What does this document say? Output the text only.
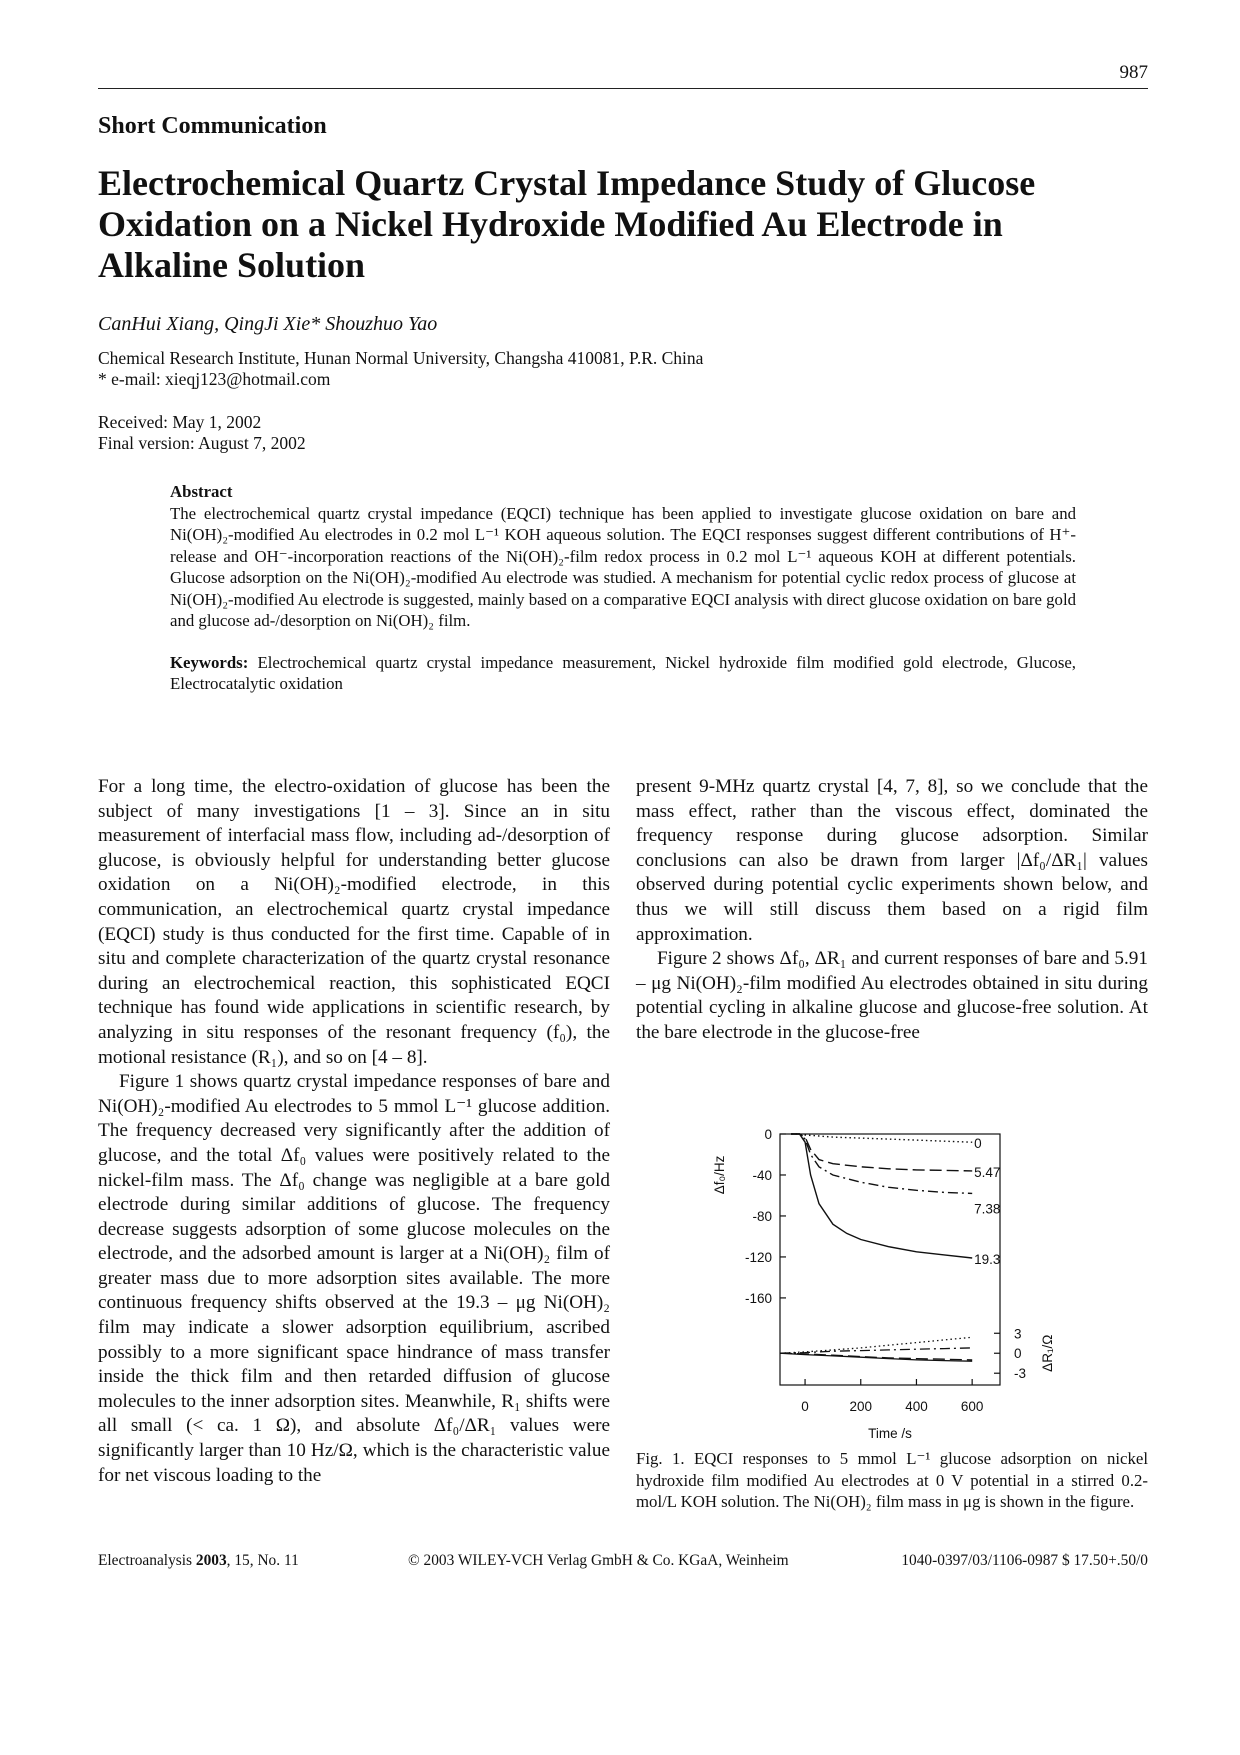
987
Short Communication
Electrochemical Quartz Crystal Impedance Study of Glucose Oxidation on a Nickel Hydroxide Modified Au Electrode in Alkaline Solution
CanHui Xiang, QingJi Xie* Shouzhuo Yao
Chemical Research Institute, Hunan Normal University, Changsha 410081, P.R. China
* e-mail: xieqj123@hotmail.com
Received: May 1, 2002
Final version: August 7, 2002
Abstract
The electrochemical quartz crystal impedance (EQCI) technique has been applied to investigate glucose oxidation on bare and Ni(OH)₂-modified Au electrodes in 0.2 mol L⁻¹ KOH aqueous solution. The EQCI responses suggest different contributions of H⁺-release and OH⁻-incorporation reactions of the Ni(OH)₂-film redox process in 0.2 mol L⁻¹ aqueous KOH at different potentials. Glucose adsorption on the Ni(OH)₂-modified Au electrode was studied. A mechanism for potential cyclic redox process of glucose at Ni(OH)₂-modified Au electrode is suggested, mainly based on a comparative EQCI analysis with direct glucose oxidation on bare gold and glucose ad-/desorption on Ni(OH)₂ film.
Keywords: Electrochemical quartz crystal impedance measurement, Nickel hydroxide film modified gold electrode, Glucose, Electrocatalytic oxidation

For a long time, the electro-oxidation of glucose has been the subject of many investigations [1 – 3]. Since an in situ measurement of interfacial mass flow, including ad-/desorption of glucose, is obviously helpful for understanding better glucose oxidation on a Ni(OH)₂-modified electrode, in this communication, an electrochemical quartz crystal impedance (EQCI) study is thus conducted for the first time. Capable of in situ and complete characterization of the quartz crystal resonance during an electrochemical reaction, this sophisticated EQCI technique has found wide applications in scientific research, by analyzing in situ responses of the resonant frequency (f₀), the motional resistance (R₁), and so on [4 – 8].

Figure 1 shows quartz crystal impedance responses of bare and Ni(OH)₂-modified Au electrodes to 5 mmol L⁻¹ glucose addition. The frequency decreased very significantly after the addition of glucose, and the total Δf₀ values were positively related to the nickel-film mass. The Δf₀ change was negligible at a bare gold electrode during similar additions of glucose. The frequency decrease suggests adsorption of some glucose molecules on the electrode, and the adsorbed amount is larger at a Ni(OH)₂ film of greater mass due to more adsorption sites available. The more continuous frequency shifts observed at the 19.3 – μg Ni(OH)₂ film may indicate a slower adsorption equilibrium, ascribed possibly to a more significant space hindrance of mass transfer inside the thick film and then retarded diffusion of glucose molecules to the inner adsorption sites. Meanwhile, R₁ shifts were all small (< ca. 1 Ω), and absolute Δf₀/ΔR₁ values were significantly larger than 10 Hz/Ω, which is the characteristic value for net viscous loading to the

present 9-MHz quartz crystal [4, 7, 8], so we conclude that the mass effect, rather than the viscous effect, dominated the frequency response during glucose adsorption. Similar conclusions can also be drawn from larger |Δf₀/ΔR₁| values observed during potential cyclic experiments shown below, and thus we will still discuss them based on a rigid film approximation.

Figure 2 shows Δf₀, ΔR₁ and current responses of bare and 5.91 – μg Ni(OH)₂-film modified Au electrodes obtained in situ during potential cycling in alkaline glucose and glucose-free solution. At the bare electrode in the glucose-free

0
-40
-80
-120
-160
3
0
-3
0	200 400 600
Time /s
Δf₀/Hz
ΔR₁/Ω
0
5.47
7.38
19.3
Fig. 1. EQCI responses to 5 mmol L⁻¹ glucose adsorption on nickel hydroxide film modified Au electrodes at 0 V potential in a stirred 0.2-mol/L KOH solution. The Ni(OH)₂ film mass in μg is shown in the figure.
Electroanalysis 2003, 15, No. 11	© 2003 WILEY-VCH Verlag GmbH & Co. KGaA, Weinheim	1040-0397/03/1106-0987 $ 17.50+.50/0
